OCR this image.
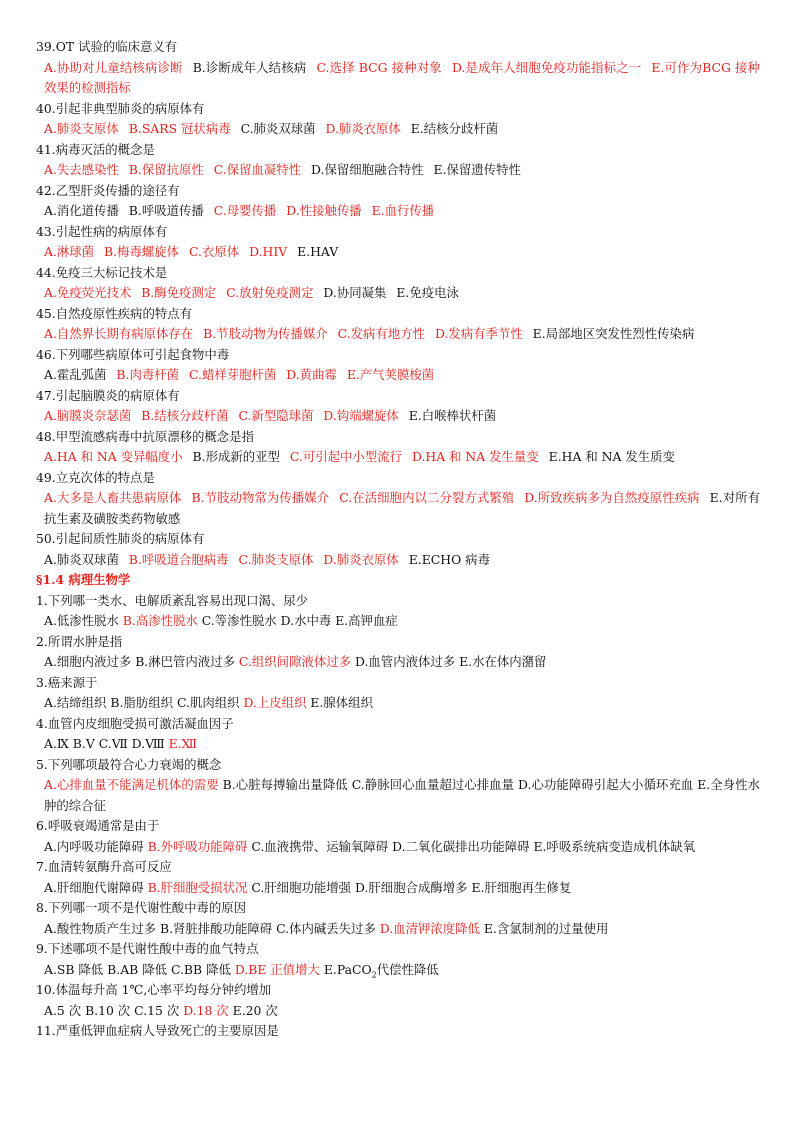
39.OT 试验的临床意义有
A.协助对儿童结核病诊断 B.诊断成年人结核病 C.选择 BCG 接种对象 D.是成年人细胞免疫功能指标之一 E.可作为BCG 接种效果的检测指标
40.引起非典型肺炎的病原体有
A.肺炎支原体 B.SARS 冠状病毒 C.肺炎双球菌 D.肺炎衣原体 E.结核分歧杆菌
41.病毒灭活的概念是
A.失去感染性 B.保留抗原性 C.保留血凝特性 D.保留细胞融合特性 E.保留遗传特性
42.乙型肝炎传播的途径有
A.消化道传播 B.呼吸道传播 C.母婴传播 D.性接触传播 E.血行传播
43.引起性病的病原体有
A.淋球菌 B.梅毒螺旋体 C.衣原体 D.HIV E.HAV
44.免疫三大标记技术是
A.免疫荧光技术 B.酶免疫测定 C.放射免疫测定 D.协同凝集 E.免疫电泳
45.自然疫原性疾病的特点有
A.自然界长期有病原体存在 B.节肢动物为传播媒介 C.发病有地方性 D.发病有季节性 E.局部地区突发性烈性传染病
46.下列哪些病原体可引起食物中毒
A.霍乱弧菌 B.肉毒杆菌 C.蜡样芽胞杆菌 D.黄曲霉 E.产气荚膜梭菌
47.引起脑膜炎的病原体有
A.脑膜炎奈瑟菌 B.结核分歧杆菌 C.新型隐球菌 D.钩端螺旋体 E.白喉棒状杆菌
48.甲型流感病毒中抗原漂移的概念是指
A.HA 和 NA 变异幅度小 B.形成新的亚型 C.可引起中小型流行 D.HA 和 NA 发生量变 E.HA 和 NA 发生质变
49.立克次体的特点是
A.大多是人畜共患病原体 B.节肢动物常为传播媒介 C.在活细胞内以二分裂方式繁殖 D.所致疾病多为自然疫原性疾病 E.对所有抗生素及磺胺类药物敏感
50.引起间质性肺炎的病原体有
A.肺炎双球菌 B.呼吸道合胞病毒 C.肺炎支原体 D.肺炎衣原体 E.ECHO 病毒
§1.4 病理生物学
1.下列哪一类水、电解质紊乱容易出现口渴、尿少
A.低渗性脱水 B.高渗性脱水 C.等渗性脱水 D.水中毒 E.高钾血症
2.所谓水肿是指
A.细胞内液过多 B.淋巴管内液过多 C.组织间隙液体过多 D.血管内液体过多 E.水在体内潴留
3.癌来源于
A.结缔组织 B.脂肪组织 C.肌肉组织 D.上皮组织 E.腺体组织
4.血管内皮细胞受损可激活凝血因子
A.Ⅸ B.Ⅴ C.Ⅶ D.Ⅷ E.Ⅻ
5.下列哪项最符合心力衰竭的概念
A.心排血量不能满足机体的需要 B.心脏每搏输出量降低 C.静脉回心血量超过心排血量 D.心功能障碍引起大小循环充血 E.全身性水肿的综合征
6.呼吸衰竭通常是由于
A.内呼吸功能障碍 B.外呼吸功能障碍 C.血液携带、运输氧障碍 D.二氧化碳排出功能障碍 E.呼吸系统病变造成机体缺氧
7.血清转氨酶升高可反应
A.肝细胞代谢障碍 B.肝细胞受损状况 C.肝细胞功能增强 D.肝细胞合成酶增多 E.肝细胞再生修复
8.下列哪一项不是代谢性酸中毒的原因
A.酸性物质产生过多 B.肾脏排酸功能障碍 C.体内碱丢失过多 D.血清钾浓度降低 E.含氯制剂的过量使用
9.下述哪项不是代谢性酸中毒的血气特点
A.SB 降低 B.AB 降低 C.BB 降低 D.BE 正值增大 E.PaCO$_2$代偿性降低
10.体温每升高 1℃,心率平均每分钟约增加
A.5 次 B.10 次 C.15 次 D.18 次 E.20 次
11.严重低钾血症病人导致死亡的主要原因是
